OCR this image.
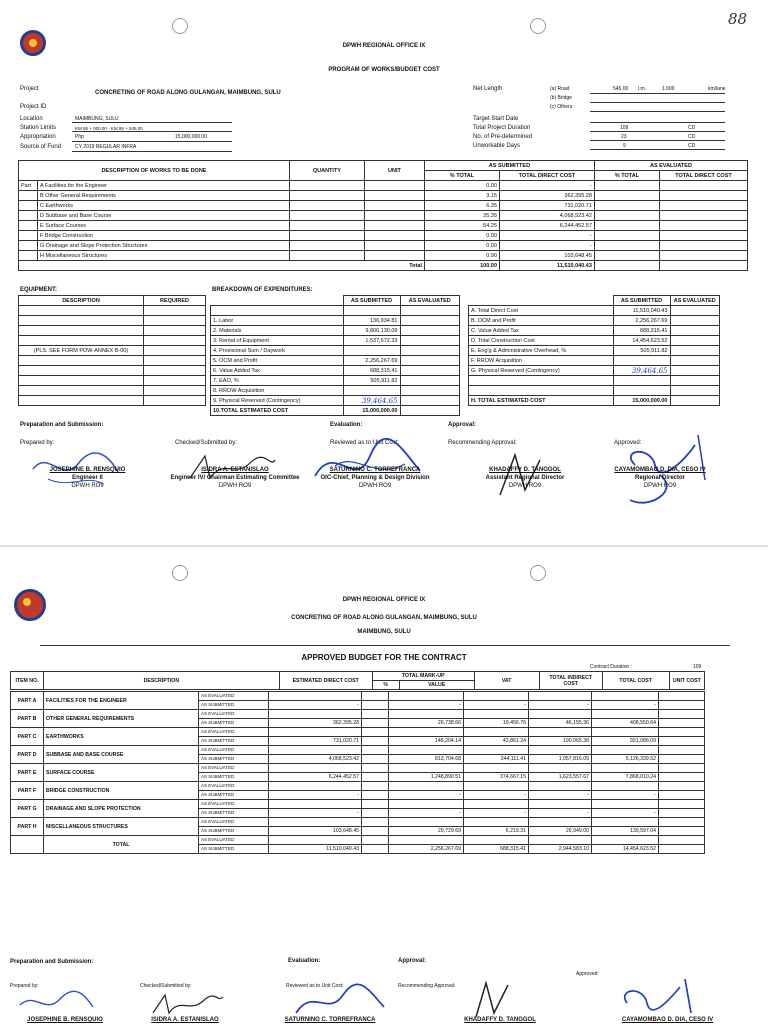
88
DPWH REGIONAL OFFICE IX
PROGRAM OF WORKS/BUDGET COST
Project
CONCRETING OF ROAD ALONG GULANGAN, MAIMBUNG, SULU
Project ID
Location	MAIMBUNG, SULU
Station Limits	KM 86 + 000.00 - KM 86 + 545.00
Appropriation	Php	15,000,000.00
Source of Fund	CY 2019 REGULAR INFRA
Net Length	(a) Road	545.00 l.m.	1.000	km/lane
(b) Bridge
(c) Others
Target Start Date
Total Project Duration	109	CD
No. of Pre-determined	23	CD
Unworkable Days	9	CD
DESCRIPTION OF WORKS TO BE DONE		QUANTITY	UNIT	AS SUBMITTED		AS EVALUATED	
				% TOTAL	TOTAL DIRECT COST	% TOTAL	TOTAL DIRECT COST
Part	A Facilities for the Engineer			0.00	-		
	B Other General Requirements			3.15	362,395.28		
	C Earthworks			6.35	731,020.71		
	D Subbase and Base Course			35.35	4,068,523.42		
	E Surface Courses			54.25	6,244,452.57		
	F Bridge Construction			0.00	-		
	G Drainage and Slope Protection Structures			0.00	-		
	H Miscellaneous Structures			0.90	103,648.45		
Total				100.00	11,510,040.43		
EQUIPMENT:
DESCRIPTION	REQUIRED

(PLS. SEE FORM POW-ANNEX B-00)	

BREAKDOWN OF EXPENDITURES:
	AS SUBMITTED	AS EVALUATED

1. Labor	136,934.81	
2. Materials	9,806,130.09	
3. Rental of Equipment	1,537,672.33	
4. Provisional Sum / Daywork		
5. OCM and Profit	2,256,267.69	
6. Value Added Tax	688,315.41	
7. EAO, %	505,911.82	
8. RROW Acquisition		
9. Physical Reserved (Contingency)	39,464.65	
10.TOTAL ESTIMATED COST	15,000,000.00	
	AS SUBMITTED	AS EVALUATED
A. Total Direct Cost	11,510,040.43	
B. OCM and Profit	2,256,267.69	
C. Value Added Tax	688,315.41	
D. Total Construction Cost	14,454,623.52	
E. Eng'g & Administrative Overhead, %	505,911.82	
F. RROW Acquisition		
G. Physical Reserved (Contingency)	39,464.65	

H. TOTAL ESTIMATED COST	15,000,000.00	
Preparation and Submission:	Evaluation:	Approval:
Prepared by:	Checked/Submitted by:	Reviewed as to Unit Cost:	Recommending Approval:	Approved:
JOSEPHINE B. RENSQUIO
Engineer II
DPWH RO9
ISIDRA A. ESTANISLAO
Engineer IV/ Chairman Estimating Committee
DPWH RO9
SATURNINO C. TORREFRANCA
OIC-Chief, Planning & Design Division
DPWH RO9
KHADAFFY D. TANGGOL
Assistant Regional Director
DPWH RO9
CAYAMOMBAO D. DIA, CESO IV
Regional Director
DPWH RO9
DPWH REGIONAL OFFICE IX
CONCRETING OF ROAD ALONG GULANGAN, MAIMBUNG, SULU
MAIMBUNG, SULU
APPROVED BUDGET FOR THE CONTRACT
Contract Duration :	109
ITEM NO.	DESCRIPTION	ESTIMATED DIRECT COST	TOTAL MARK-UP		VAT	TOTAL INDIRECT COST	TOTAL COST	UNIT COST
			%	VALUE				
PART A	FACILITIES FOR THE ENGINEER	AS EVALUATED							
		AS SUBMITTED	-		-	-	-	-	
PART B	OTHER GENERAL REQUIREMENTS	AS EVALUATED							
		AS SUBMITTED	362,395.28		26,738.66	19,456.76	46,155.36	408,550.64	
PART C	EARTHWORKS	AS EVALUATED							
		AS SUBMITTED	731,020.71		146,204.14	43,861.24	190,065.38	921,086.09	
PART D	SUBBASE AND BASE COURSE	AS EVALUATED							
		AS SUBMITTED	4,068,523.42		813,704.68	244,111.41	1,057,816.09	5,126,339.52	
PART E	SURFACE COURSE	AS EVALUATED							
		AS SUBMITTED	6,244,452.57		1,248,890.51	374,667.15	1,623,557.67	7,868,010.24	
PART F	BRIDGE CONSTRUCTION	AS EVALUATED							
		AS SUBMITTED	-		-	-	-	-	
PART G	DRAINAGE AND SLOPE PROTECTION	AS EVALUATED							
		AS SUBMITTED	-		-	-	-	-	
PART H	MISCELLANEOUS STRUCTURES	AS EVALUATED							
		AS SUBMITTED	103,648.45		20,729.69	6,219.31	26,949.00	130,597.04	
	TOTAL	AS EVALUATED							
		AS SUBMITTED	11,510,040.43		2,256,267.69	688,315.41	2,944,583.10	14,454,623.52	
Preparation and Submission:	Evaluation:	Approval:
Approved:
Prepared by:	Checked/Submitted by:	Reviewed as to Unit Cost:	Recommending Approval:
JOSEPHINE B. RENSQUIO	ISIDRA A. ESTANISLAO	SATURNINO C. TORREFRANCA	KHADAFFY D. TANGGOL	CAYAMOMBAO D. DIA, CESO IV
